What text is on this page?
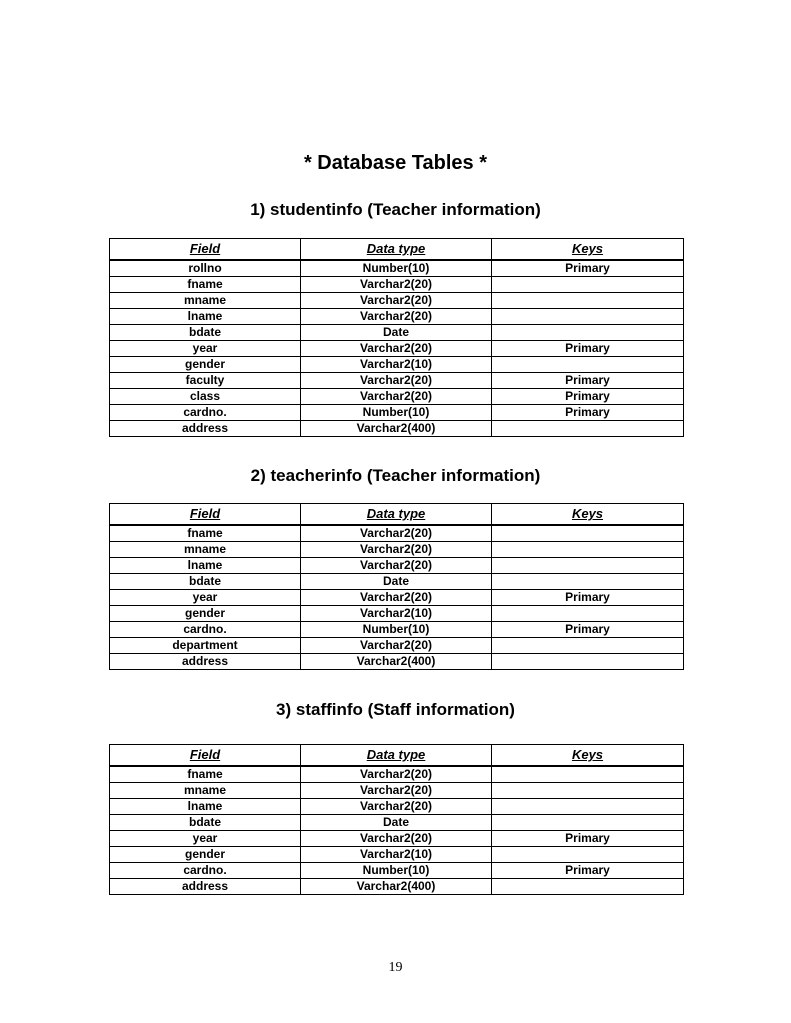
* Database Tables *
1) studentinfo (Teacher information)
Field	Data type	Keys
rollno	Number(10)	Primary
fname	Varchar2(20)	
mname	Varchar2(20)	
lname	Varchar2(20)	
bdate	Date	
year	Varchar2(20)	Primary
gender	Varchar2(10)	
faculty	Varchar2(20)	Primary
class	Varchar2(20)	Primary
cardno.	Number(10)	Primary
address	Varchar2(400)	
2) teacherinfo (Teacher information)
Field	Data type	Keys
fname	Varchar2(20)	
mname	Varchar2(20)	
lname	Varchar2(20)	
bdate	Date	
year	Varchar2(20)	Primary
gender	Varchar2(10)	
cardno.	Number(10)	Primary
department	Varchar2(20)	
address	Varchar2(400)	
3) staffinfo (Staff information)
Field	Data type	Keys
fname	Varchar2(20)	
mname	Varchar2(20)	
lname	Varchar2(20)	
bdate	Date	
year	Varchar2(20)	Primary
gender	Varchar2(10)	
cardno.	Number(10)	Primary
address	Varchar2(400)	
19
